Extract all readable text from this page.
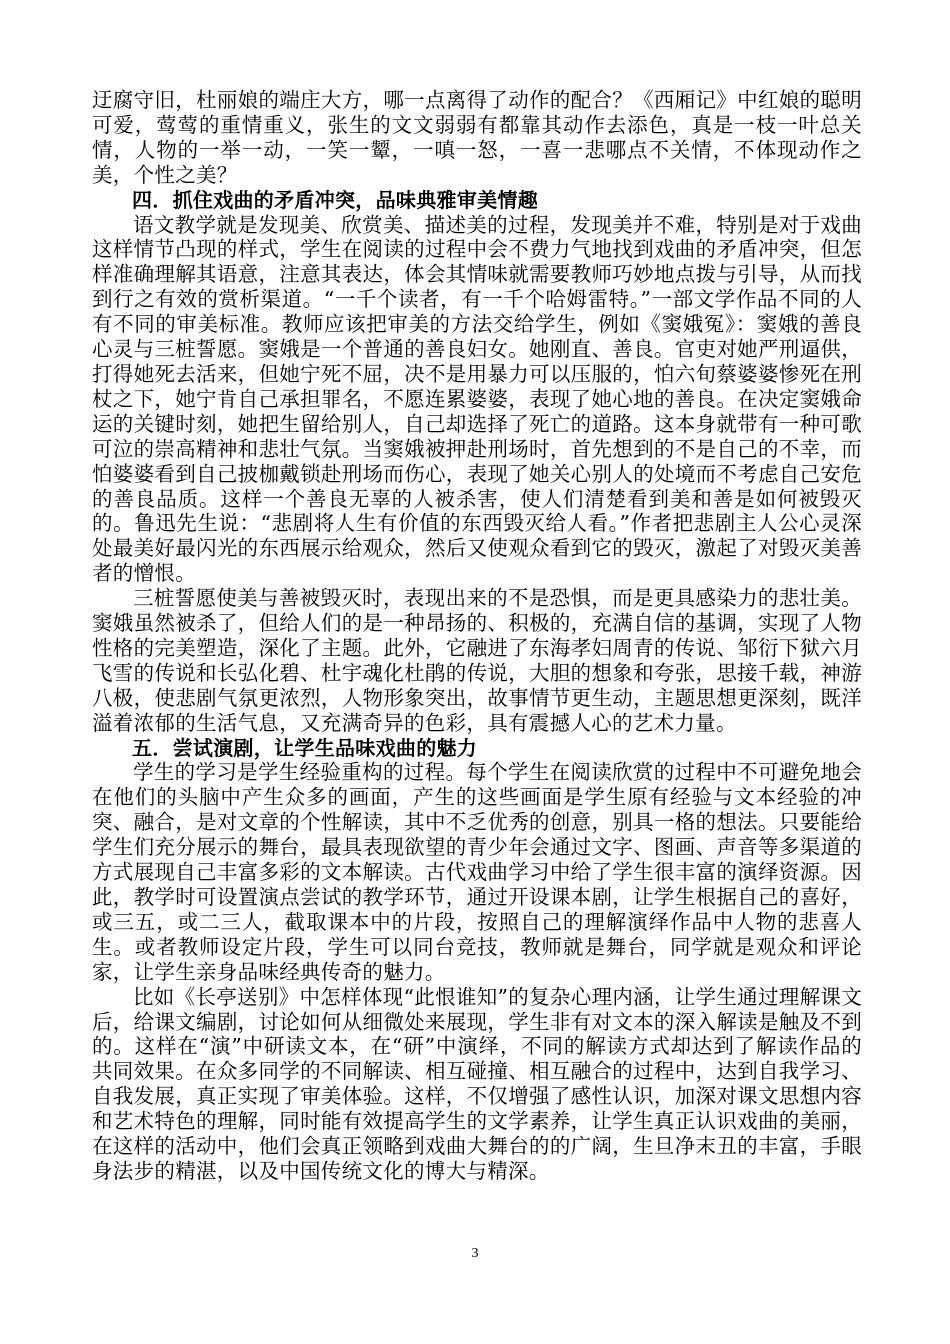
迂腐守旧，杜丽娘的端庄大方，哪一点离得了动作的配合？《西厢记》中红娘的聪明可爱，莺莺的重情重义，张生的文文弱弱有都靠其动作去添色，真是一枝一叶总关情，人物的一举一动，一笑一颦，一嗔一怒，一喜一悲哪点不关情，不体现动作之美，个性之美？

四．抓住戏曲的矛盾冲突，品味典雅审美情趣

语文教学就是发现美、欣赏美、描述美的过程，发现美并不难，特别是对于戏曲这样情节凸现的样式，学生在阅读的过程中会不费力气地找到戏曲的矛盾冲突，但怎样准确理解其语意，注意其表达，体会其情味就需要教师巧妙地点拨与引导，从而找到行之有效的赏析渠道。“一千个读者，有一千个哈姆雷特。”一部文学作品不同的人有不同的审美标准。教师应该把审美的方法交给学生，例如《窦娥冤》：窦娥的善良心灵与三桩誓愿。窦娥是一个普通的善良妇女。她刚直、善良。官吏对她严刑逼供，打得她死去活来，但她宁死不屈，决不是用暴力可以压服的，怕六旬蔡婆婆惨死在刑杖之下，她宁肯自己承担罪名，不愿连累婆婆，表现了她心地的善良。在决定窦娥命运的关键时刻，她把生留给别人，自己却选择了死亡的道路。这本身就带有一种可歌可泣的崇高精神和悲壮气氛。当窦娥被押赴刑场时，首先想到的不是自己的不幸，而怕婆婆看到自己披枷戴锁赴刑场而伤心，表现了她关心别人的处境而不考虑自己安危的善良品质。这样一个善良无辜的人被杀害，使人们清楚看到美和善是如何被毁灭的。鲁迅先生说：“悲剧将人生有价值的东西毁灭给人看。”作者把悲剧主人公心灵深处最美好最闪光的东西展示给观众，然后又使观众看到它的毁灭，激起了对毁灭美善者的憎恨。

三桩誓愿使美与善被毁灭时，表现出来的不是恐惧，而是更具感染力的悲壮美。窦娥虽然被杀了，但给人们的是一种昂扬的、积极的，充满自信的基调，实现了人物性格的完美塑造，深化了主题。此外，它融进了东海孝妇周青的传说、邹衍下狱六月飞雪的传说和长弘化碧、杜宇魂化杜鹃的传说，大胆的想象和夸张，思接千载，神游八极，使悲剧气氛更浓烈，人物形象突出，故事情节更生动，主题思想更深刻，既洋溢着浓郁的生活气息，又充满奇异的色彩，具有震撼人心的艺术力量。

五．尝试演剧，让学生品味戏曲的魅力

学生的学习是学生经验重构的过程。每个学生在阅读欣赏的过程中不可避免地会在他们的头脑中产生众多的画面，产生的这些画面是学生原有经验与文本经验的冲突、融合，是对文章的个性解读，其中不乏优秀的创意，别具一格的想法。只要能给学生们充分展示的舞台，最具表现欲望的青少年会通过文字、图画、声音等多渠道的方式展现自己丰富多彩的文本解读。古代戏曲学习中给了学生很丰富的演绎资源。因此，教学时可设置演点尝试的教学环节，通过开设课本剧，让学生根据自己的喜好，或三五，或二三人，截取课本中的片段，按照自己的理解演绎作品中人物的悲喜人生。或者教师设定片段，学生可以同台竞技，教师就是舞台，同学就是观众和评论家，让学生亲身品味经典传奇的魅力。

比如《长亭送别》中怎样体现“此恨谁知”的复杂心理内涵，让学生通过理解课文后，给课文编剧，讨论如何从细微处来展现，学生非有对文本的深入解读是触及不到的。这样在“演”中研读文本，在“研”中演绎，不同的解读方式却达到了解读作品的共同效果。在众多同学的不同解读、相互碰撞、相互融合的过程中，达到自我学习、自我发展，真正实现了审美体验。这样，不仅增强了感性认识，加深对课文思想内容和艺术特色的理解，同时能有效提高学生的文学素养，让学生真正认识戏曲的美丽，在这样的活动中，他们会真正领略到戏曲大舞台的的广阔，生旦净末丑的丰富，手眼身法步的精湛，以及中国传统文化的博大与精深。

3
